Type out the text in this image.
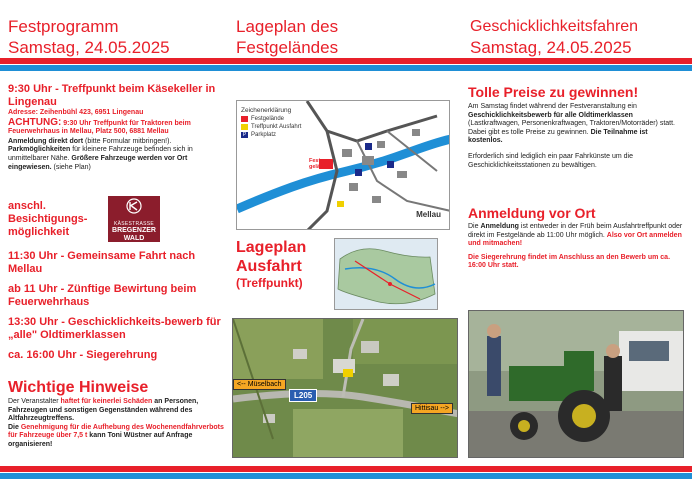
Festprogramm
Samstag, 24.05.2025
Lageplan des
Festgeländes
Geschicklichkeitsfahren
Samstag, 24.05.2025
9:30 Uhr - Treffpunkt beim Käsekeller in Lingenau
Adresse: Zeihenbühl 423, 6951 Lingenau
ACHTUNG: 9:30 Uhr Treffpunkt für Traktoren beim Feuerwehrhaus in Mellau, Platz 500, 6881 Mellau
Anmeldung direkt dort (bitte Formular mitbringen!).
Parkmöglichkeiten für kleinere Fahrzeuge befinden sich in unmittelbarer Nähe. Größere Fahrzeuge werden vor Ort eingewiesen. (siehe Plan)
anschl. Besichtigungs-möglichkeit
KÄSESTRASSE
BREGENZER
WALD
11:30 Uhr - Gemeinsame Fahrt nach Mellau
ab 11 Uhr - Zünftige Bewirtung beim Feuerwehrhaus
13:30 Uhr - Geschicklichkeits-bewerb für „alle" Oldtimerklassen
ca. 16:00 Uhr - Siegerehrung
Wichtige Hinweise
Der Veranstalter haftet für keinerlei Schäden an Personen, Fahrzeugen und sonstigen Gegenständen während des Altfahrzeugtreffens.
Die Genehmigung für die Aufhebung des Wochenendfahrverbots für Fahrzeuge über 7,5 t kann Toni Wüstner auf Anfrage organisieren!
Zeichenerklärung
Festgelände
Treffpunkt Ausfahrt
P Parkplatz
Fest-gelände
Mellau
Lageplan
Ausfahrt
(Treffpunkt)
<-- Müselbach
L205
Hittisau -->
Tolle Preise zu gewinnen!
Am Samstag findet während der Festveranstaltung ein Geschicklichkeitsbewerb für alle Oldtimerklassen (Lastkraftwagen, Personenkraftwagen, Traktoren/Motorräder) statt. Dabei gibt es tolle Preise zu gewinnen. Die Teilnahme ist kostenlos.
Erforderlich sind lediglich ein paar Fahrkünste um die Geschicklichkeitsstationen zu bewältigen.
Anmeldung vor Ort
Die Anmeldung ist entweder in der Früh beim Ausfahrtreffpunkt oder direkt im Festgelände ab 11:00 Uhr möglich. Also vor Ort anmelden und mitmachen!
Die Siegerehrung findet im Anschluss an den Bewerb um ca. 16:00 Uhr statt.
